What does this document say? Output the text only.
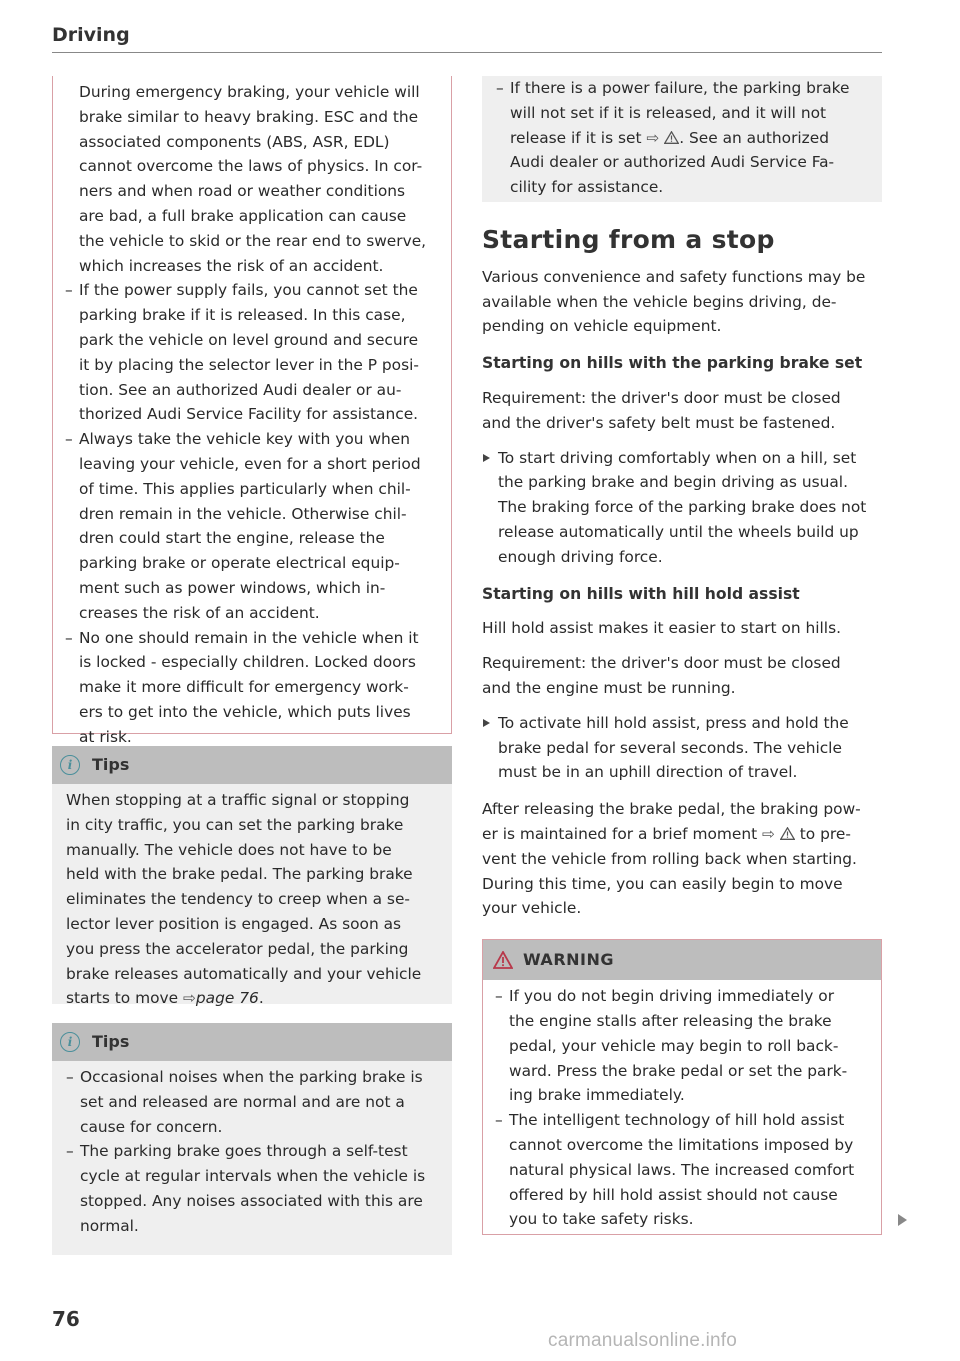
Driving
During emergency braking, your vehicle will
brake similar to heavy braking. ESC and the
associated components (ABS, ASR, EDL)
cannot overcome the laws of physics. In cor-
ners and when road or weather conditions
are bad, a full brake application can cause
the vehicle to skid or the rear end to swerve,
which increases the risk of an accident.
– If the power supply fails, you cannot set the
parking brake if it is released. In this case,
park the vehicle on level ground and secure
it by placing the selector lever in the P posi-
tion. See an authorized Audi dealer or au-
thorized Audi Service Facility for assistance.
– Always take the vehicle key with you when
leaving your vehicle, even for a short period
of time. This applies particularly when chil-
dren remain in the vehicle. Otherwise chil-
dren could start the engine, release the
parking brake or operate electrical equip-
ment such as power windows, which in-
creases the risk of an accident.
– No one should remain in the vehicle when it
is locked - especially children. Locked doors
make it more difficult for emergency work-
ers to get into the vehicle, which puts lives
at risk.
i	Tips
When stopping at a traffic signal or stopping
in city traffic, you can set the parking brake
manually. The vehicle does not have to be
held with the brake pedal. The parking brake
eliminates the tendency to creep when a se-
lector lever position is engaged. As soon as
you press the accelerator pedal, the parking
brake releases automatically and your vehicle
starts to move ⇨page 76.
i	Tips
– Occasional noises when the parking brake is
set and released are normal and are not a
cause for concern.
– The parking brake goes through a self-test
cycle at regular intervals when the vehicle is
stopped. Any noises associated with this are
normal.
– If there is a power failure, the parking brake
will not set if it is released, and it will not
release if it is set ⇨ . See an authorized
Audi dealer or authorized Audi Service Fa-
cility for assistance.
Starting from a stop
Various convenience and safety functions may be
available when the vehicle begins driving, de-
pending on vehicle equipment.
Starting on hills with the parking brake set
Requirement: the driver's door must be closed
and the driver's safety belt must be fastened.
To start driving comfortably when on a hill, set
the parking brake and begin driving as usual.
The braking force of the parking brake does not
release automatically until the wheels build up
enough driving force.
Starting on hills with hill hold assist
Hill hold assist makes it easier to start on hills.
Requirement: the driver's door must be closed
and the engine must be running.
To activate hill hold assist, press and hold the
brake pedal for several seconds. The vehicle
must be in an uphill direction of travel.
After releasing the brake pedal, the braking pow-
er is maintained for a brief moment ⇨  to pre-
vent the vehicle from rolling back when starting.
During this time, you can easily begin to move
your vehicle.
WARNING
– If you do not begin driving immediately or
the engine stalls after releasing the brake
pedal, your vehicle may begin to roll back-
ward. Press the brake pedal or set the park-
ing brake immediately.
– The intelligent technology of hill hold assist
cannot overcome the limitations imposed by
natural physical laws. The increased comfort
offered by hill hold assist should not cause
you to take safety risks.
76
carmanualsonline.info
